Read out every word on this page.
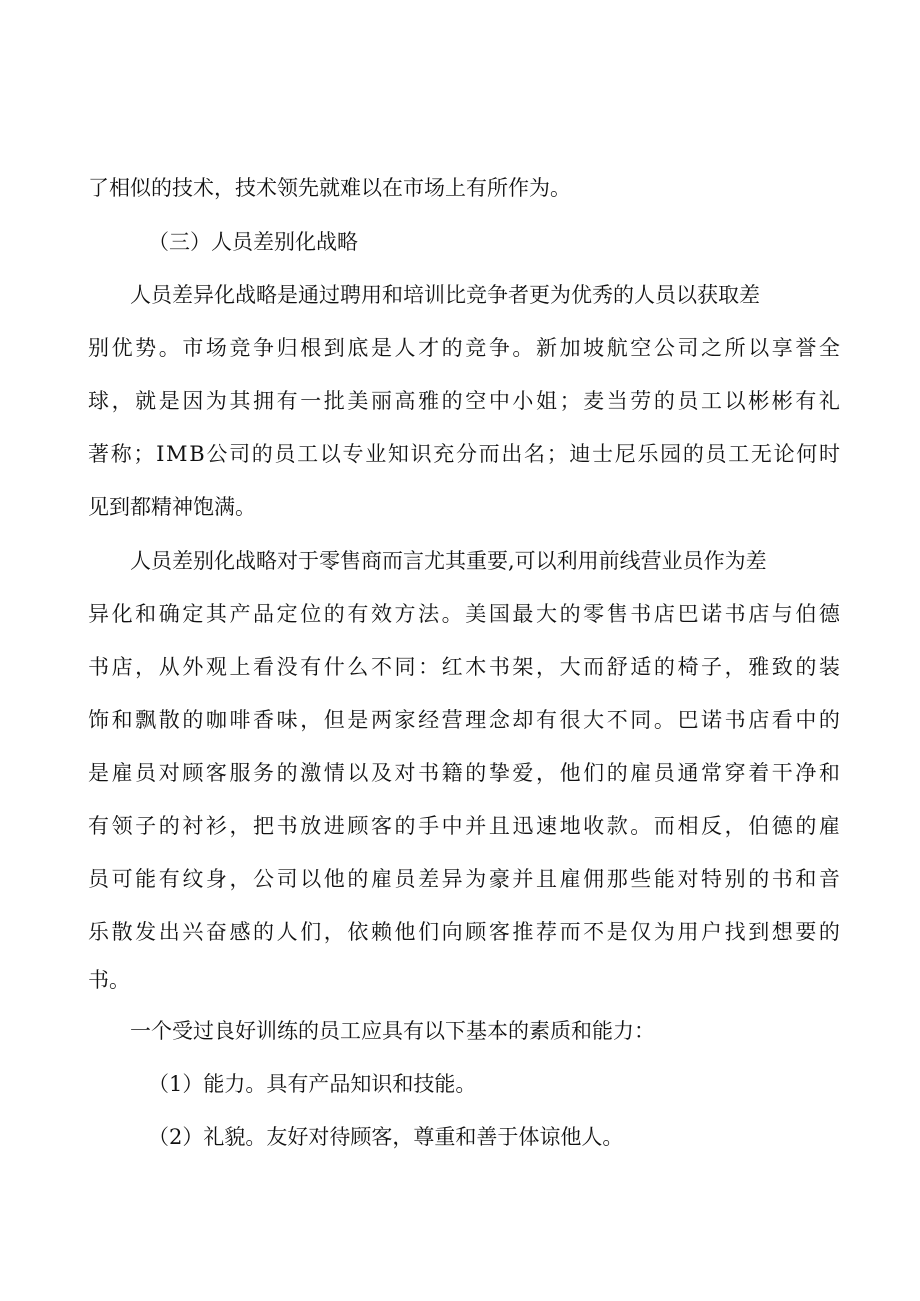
了相似的技术，技术领先就难以在市场上有所作为。
（三）人员差别化战略
人员差异化战略是通过聘用和培训比竞争者更为优秀的人员以获取差
别 优 势 。 市 场 竞 争 归 根 到 底 是 人 才 的 竞 争 。 新 加 坡 航 空 公 司 之 所 以 享 誉 全
球 ， 就 是 因 为 其 拥 有 一 批 美 丽 高 雅 的 空 中 小 姐 ； 麦 当 劳 的 员 工 以 彬 彬 有 礼
著 称 ； I M B 公 司 的 员 工 以 专 业 知 识 充 分 而 出 名 ； 迪 士 尼 乐 园 的 员 工 无 论 何 时
见到都精神饱满。
人员差别化战略对于零售商而言尤其重要,可以利用前线营业员作为差
异 化 和 确 定 其 产 品 定 位 的 有 效 方 法 。 美 国 最 大 的 零 售 书 店 巴 诺 书 店 与 伯 德
书 店 ， 从 外 观 上 看 没 有 什 么 不 同 ： 红 木 书 架 ， 大 而 舒 适 的 椅 子 ， 雅 致 的 装
饰 和 飘 散 的 咖 啡 香 味 ， 但 是 两 家 经 营 理 念 却 有 很 大 不 同 。 巴 诺 书 店 看 中 的
是 雇 员 对 顾 客 服 务 的 激 情 以 及 对 书 籍 的 挚 爱 ， 他 们 的 雇 员 通 常 穿 着 干 净 和
有 领 子 的 衬 衫 ， 把 书 放 进 顾 客 的 手 中 并 且 迅 速 地 收 款 。 而 相 反 ， 伯 德 的 雇
员 可 能 有 纹 身 ， 公 司 以 他 的 雇 员 差 异 为 豪 并 且 雇 佣 那 些 能 对 特 别 的 书 和 音
乐 散 发 出 兴 奋 感 的 人 们 ， 依 赖 他 们 向 顾 客 推 荐 而 不 是 仅 为 用 户 找 到 想 要 的
书。
一个受过良好训练的员工应具有以下基本的素质和能力：
（1）能力。具有产品知识和技能。
（2）礼貌。友好对待顾客，尊重和善于体谅他人。
